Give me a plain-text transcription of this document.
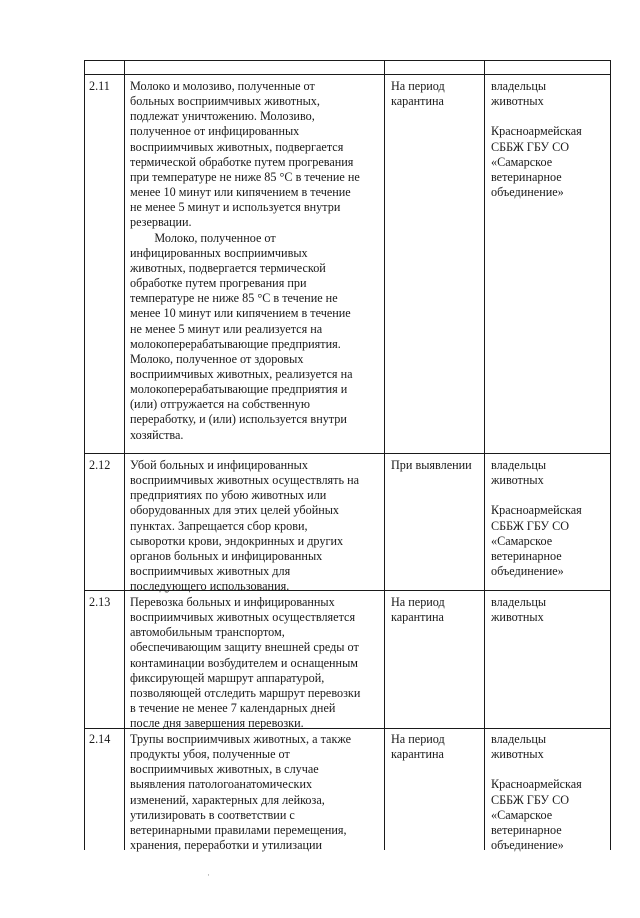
2.11 Молоко и молозиво, полученные от
больных восприимчивых животных,
подлежат уничтожению. Молозиво,
полученное от инфицированных
восприимчивых животных, подвергается
термической обработке путем прогревания
при температуре не ниже 85 °С в течение не
менее 10 минут или кипячением в течение
не менее 5 минут и используется внутри
резервации.
Молоко, полученное от
инфицированных восприимчивых
животных, подвергается термической
обработке путем прогревания при
температуре не ниже 85 °С в течение не
менее 10 минут или кипячением в течение
не менее 5 минут или реализуется на
молокоперерабатывающие предприятия.
Молоко, полученное от здоровых
восприимчивых животных, реализуется на
молокоперерабатывающие предприятия и
(или) отгружается на собственную
переработку, и (или) используется внутри
хозяйства.
На период
карантина
владельцы
животных

Красноармейская
СББЖ ГБУ СО
«Самарское
ветеринарное
объединение»
2.12 Убой больных и инфицированных
восприимчивых животных осуществлять на
предприятиях по убою животных или
оборудованных для этих целей убойных
пунктах. Запрещается сбор крови,
сыворотки крови, эндокринных и других
органов больных и инфицированных
восприимчивых животных для
последующего использования.
При выявлении владельцы
животных

Красноармейская
СББЖ ГБУ СО
«Самарское
ветеринарное
объединение»
2.13 Перевозка больных и инфицированных
восприимчивых животных осуществляется
автомобильным транспортом,
обеспечивающим защиту внешней среды от
контаминации возбудителем и оснащенным
фиксирующей маршрут аппаратурой,
позволяющей отследить маршрут перевозки
в течение не менее 7 календарных дней
после дня завершения перевозки.
На период
карантина
владельцы
животных
2.14 Трупы восприимчивых животных, а также
продукты убоя, полученные от
восприимчивых животных, в случае
выявления патологоанатомических
изменений, характерных для лейкоза,
утилизировать в соответствии с
ветеринарными правилами перемещения,
хранения, переработки и утилизации
На период
карантина
владельцы
животных

Красноармейская
СББЖ ГБУ СО
«Самарское
ветеринарное
объединение»
·
